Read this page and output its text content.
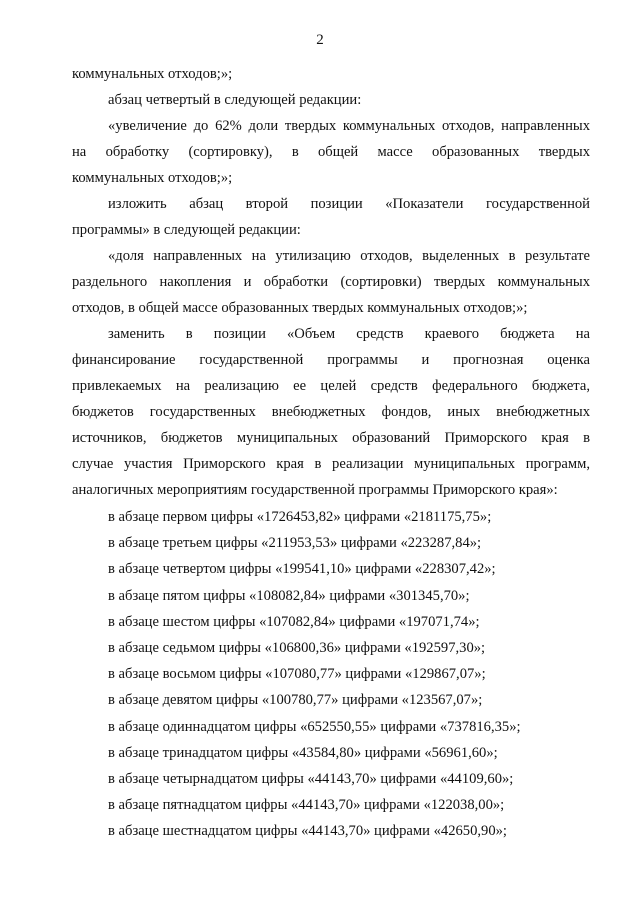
2
коммунальных отходов;»;
абзац четвертый в следующей редакции:
«увеличение до 62% доли твердых коммунальных отходов, направленных
на обработку (сортировку), в общей массе образованных твердых
коммунальных отходов;»;
изложить абзац второй позиции «Показатели государственной
программы» в следующей редакции:
«доля направленных на утилизацию отходов, выделенных в результате
раздельного накопления и обработки (сортировки) твердых коммунальных
отходов, в общей массе образованных твердых коммунальных отходов;»;
заменить в позиции «Объем средств краевого бюджета на
финансирование государственной программы и прогнозная оценка
привлекаемых на реализацию ее целей средств федерального бюджета,
бюджетов государственных внебюджетных фондов, иных внебюджетных
источников, бюджетов муниципальных образований Приморского края в
случае участия Приморского края в реализации муниципальных программ,
аналогичных мероприятиям государственной программы Приморского края»:
в абзаце первом цифры «1726453,82» цифрами «2181175,75»;
в абзаце третьем цифры «211953,53» цифрами «223287,84»;
в абзаце четвертом цифры «199541,10» цифрами «228307,42»;
в абзаце пятом цифры «108082,84» цифрами «301345,70»;
в абзаце шестом цифры «107082,84» цифрами «197071,74»;
в абзаце седьмом цифры «106800,36» цифрами «192597,30»;
в абзаце восьмом цифры «107080,77» цифрами «129867,07»;
в абзаце девятом цифры «100780,77» цифрами «123567,07»;
в абзаце одиннадцатом цифры «652550,55» цифрами «737816,35»;
в абзаце тринадцатом цифры «43584,80» цифрами «56961,60»;
в абзаце четырнадцатом цифры «44143,70» цифрами «44109,60»;
в абзаце пятнадцатом цифры «44143,70» цифрами «122038,00»;
в абзаце шестнадцатом цифры «44143,70» цифрами «42650,90»;
